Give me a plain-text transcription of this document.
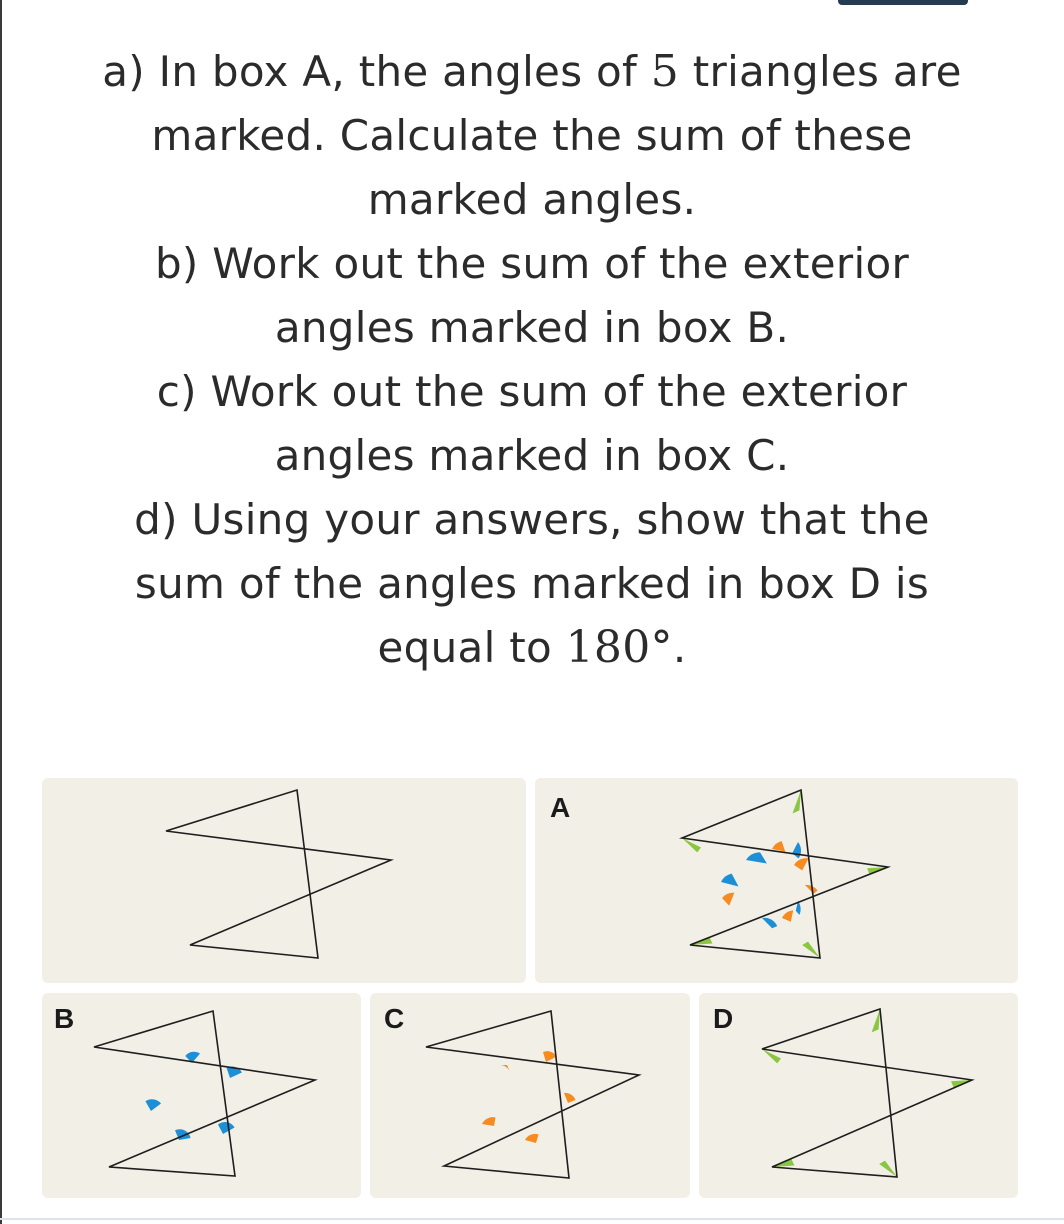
a) In box A, the angles of 5 triangles are

marked. Calculate the sum of these

marked angles.

b) Work out the sum of the exterior

angles marked in box B.

c) Work out the sum of the exterior

angles marked in box C.

d) Using your answers, show that the

sum of the angles marked in box D is

equal to 180°.

A
B	C	D
